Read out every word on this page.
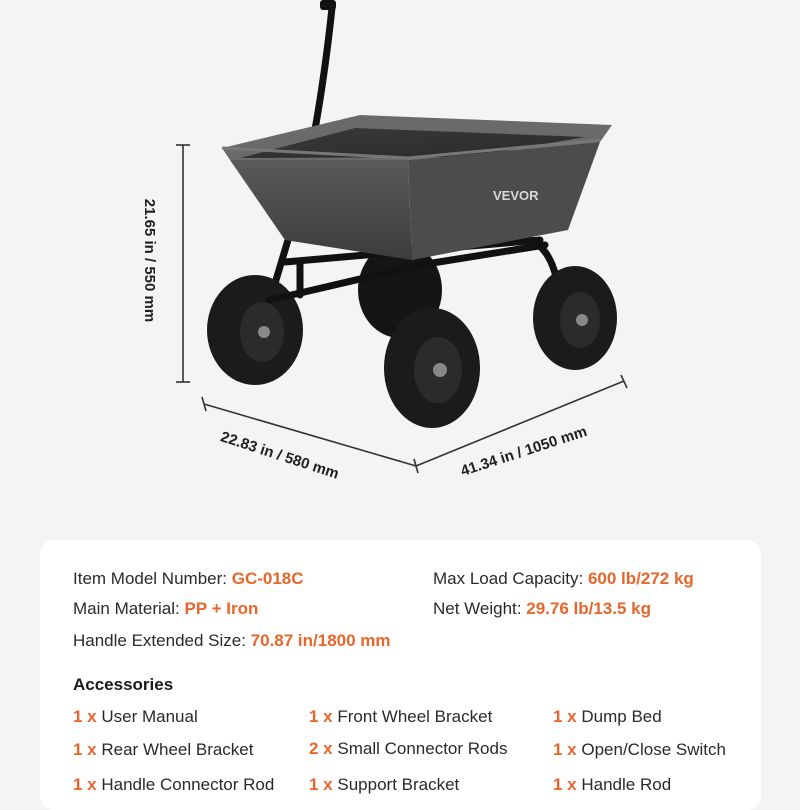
VEVOR
21.65 in / 550 mm
22.83 in / 580 mm	41.34 in / 1050 mm
Item Model Number: GC-018C	Max Load Capacity: 600 lb/272 kg
Main Material: PP + Iron	Net Weight: 29.76 lb/13.5 kg
Handle Extended Size: 70.87 in/1800 mm
Accessories
1 x User Manual	1 x Front Wheel Bracket	1 x Dump Bed
1 x Rear Wheel Bracket	2 x Small Connector Rods	1 x Open/Close Switch
1 x Handle Connector Rod 1 x Support Bracket	1 x Handle Rod
